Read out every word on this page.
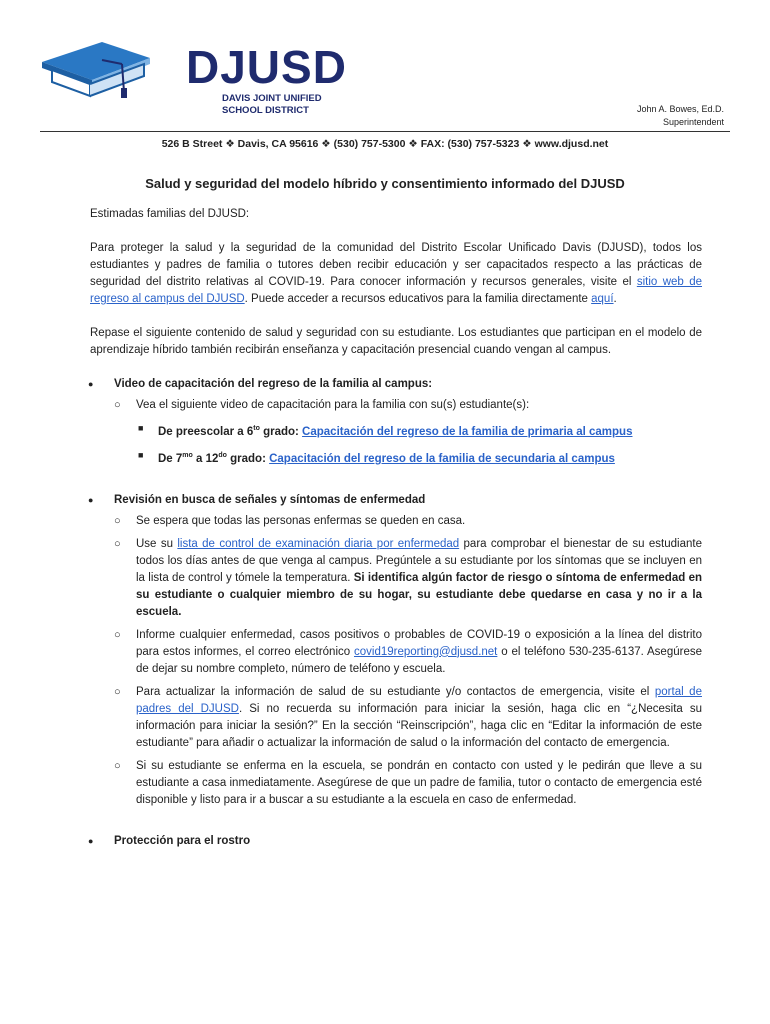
DJUSD
DAVIS JOINT UNIFIED
SCHOOL DISTRICT	John A. Bowes, Ed.D.
Superintendent
526 B Street ❖ Davis, CA 95616 ❖ (530) 757-5300 ❖ FAX: (530) 757-5323 ❖ www.djusd.net
Salud y seguridad del modelo híbrido y consentimiento informado del DJUSD

Estimadas familias del DJUSD:

Para proteger la salud y la seguridad de la comunidad del Distrito Escolar Unificado Davis (DJUSD), todos los estudiantes y padres de familia o tutores deben recibir educación y ser capacitados respecto a las prácticas de seguridad del distrito relativas al COVID-19. Para conocer información y recursos generales, visite el sitio web de regreso al campus del DJUSD. Puede acceder a recursos educativos para la familia directamente aquí.

Repase el siguiente contenido de salud y seguridad con su estudiante. Los estudiantes que participan en el modelo de aprendizaje híbrido también recibirán enseñanza y capacitación presencial cuando vengan al campus.

● Video de capacitación del regreso de la familia al campus:
○ Vea el siguiente video de capacitación para la familia con su(s) estudiante(s):
■ De preescolar a $6^{to}$ grado: Capacitación del regreso de la familia de primaria al campus
■ De $7^{mo}$ a $12^{do}$ grado: Capacitación del regreso de la familia de secundaria al campus
● Revisión en busca de señales y síntomas de enfermedad
○ Se espera que todas las personas enfermas se queden en casa.
○ Use su lista de control de examinación diaria por enfermedad para comprobar el bienestar de su estudiante todos los días antes de que venga al campus. Pregúntele a su estudiante por los síntomas que se incluyen en la lista de control y tómele la temperatura. Si identifica algún factor de riesgo o síntoma de enfermedad en su estudiante o cualquier miembro de su hogar, su estudiante debe quedarse en casa y no ir a la escuela.
○ Informe cualquier enfermedad, casos positivos o probables de COVID-19 o exposición a la línea del distrito para estos informes, el correo electrónico covid19reporting@djusd.net o el teléfono 530-235-6137. Asegúrese de dejar su nombre completo, número de teléfono y escuela.
○ Para actualizar la información de salud de su estudiante y/o contactos de emergencia, visite el portal de padres del DJUSD. Si no recuerda su información para iniciar la sesión, haga clic en “¿Necesita su información para iniciar la sesión?” En la sección “Reinscripción”, haga clic en “Editar la información de este estudiante” para añadir o actualizar la información de salud o la información del contacto de emergencia.
○ Si su estudiante se enferma en la escuela, se pondrán en contacto con usted y le pedirán que lleve a su estudiante a casa inmediatamente. Asegúrese de que un padre de familia, tutor o contacto de emergencia esté disponible y listo para ir a buscar a su estudiante a la escuela en caso de enfermedad.
● Protección para el rostro
